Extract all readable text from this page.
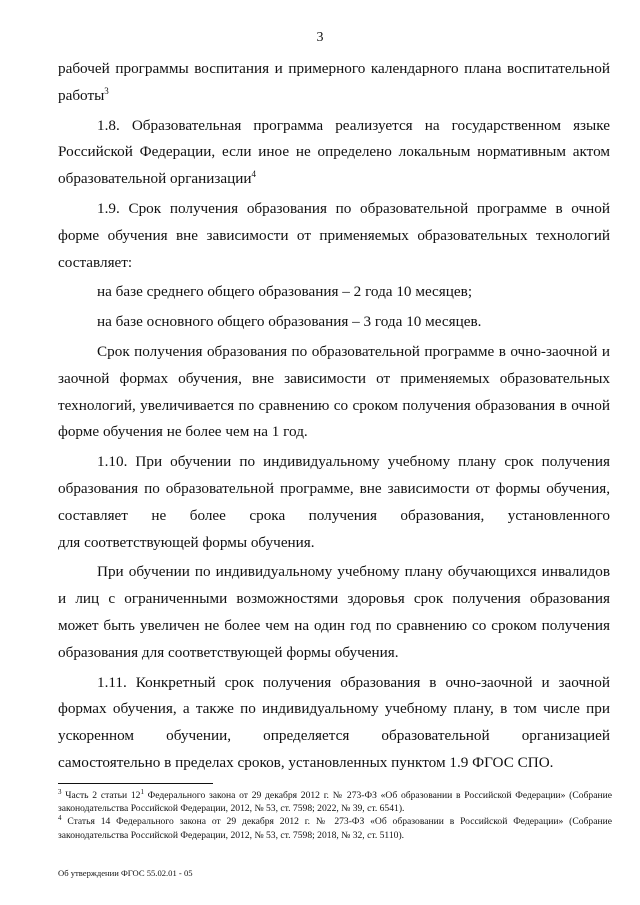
3

рабочей программы воспитания и примерного календарного плана воспитательной работы$^3$

1.8. Образовательная программа реализуется на государственном языке Российской Федерации, если иное не определено локальным нормативным актом образовательной организации$^4$

1.9. Срок получения образования по образовательной программе в очной форме обучения вне зависимости от применяемых образовательных технологий составляет:

на базе среднего общего образования – 2 года 10 месяцев;

на базе основного общего образования – 3 года 10 месяцев.

Срок получения образования по образовательной программе в очно-заочной и заочной формах обучения, вне зависимости от применяемых образовательных технологий, увеличивается по сравнению со сроком получения образования в очной форме обучения не более чем на 1 год.

1.10. При обучении по индивидуальному учебному плану срок получения образования по образовательной программе, вне зависимости от формы обучения, составляет не более срока получения образования, установленного

для соответствующей формы обучения.

При обучении по индивидуальному учебному плану обучающихся инвалидов и лиц с ограниченными возможностями здоровья срок получения образования может быть увеличен не более чем на один год по сравнению со сроком получения образования для соответствующей формы обучения.

1.11. Конкретный срок получения образования в очно-заочной и заочной формах обучения, а также по индивидуальному учебному плану, в том числе при ускоренном обучении, определяется образовательной организацией

самостоятельно в пределах сроков, установленных пунктом 1.9 ФГОС СПО.

$^3$ Часть 2 статьи $12^1$ Федерального закона от 29 декабря 2012 г. № 273-ФЗ «Об образовании в Российской Федерации» (Собрание законодательства Российской Федерации, 2012, № 53, ст. 7598; 2022, № 39, ст. 6541).

$^4$ Статья 14 Федерального закона от 29 декабря 2012 г. № 273-ФЗ «Об образовании в Российской Федерации» (Собрание законодательства Российской Федерации, 2012, № 53, ст. 7598; 2018, № 32, ст. 5110).

Об утверждении ФГОС 55.02.01 - 05
